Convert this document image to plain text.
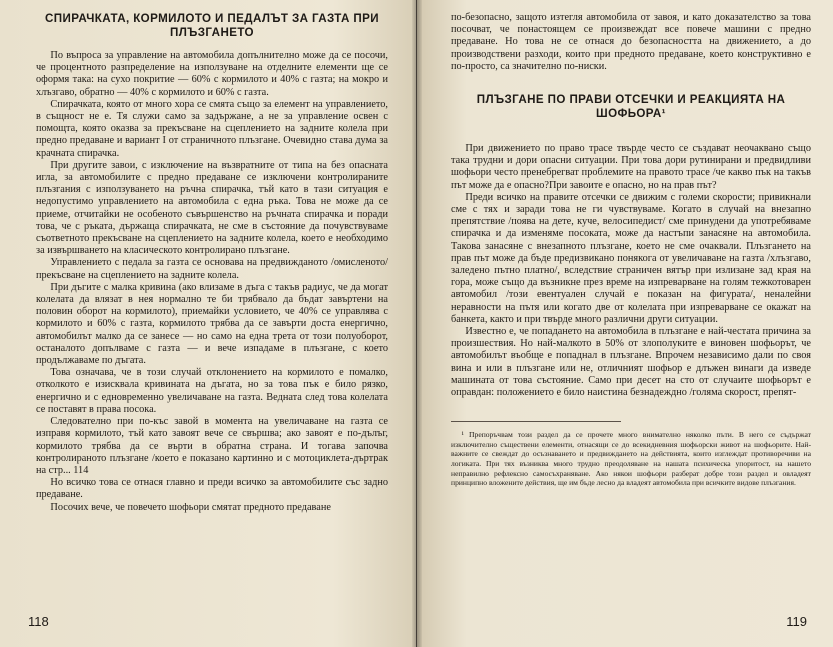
СПИРАЧКАТА, КОРМИЛОТО И ПЕДАЛЪТ ЗА ГАЗТА ПРИ ПЛЪЗГАНЕТО

По въпроса за управление на автомобила допълнително може да се посочи, че процентното разпределение на използуване на отделните елементи ще се оформя така: на сухо покритие — 60% с кормилото и 40% с газта; на мокро и хлъзгаво, обратно — 40% с кормилото и 60% с газта.

Спирачката, която от много хора се смята също за елемент на управлението, в същност не е. Тя служи само за задържане, а не за управление освен с помощта, която оказва за прекъсване на сцеплението на задните колела при предно предаване и вариант I от страничното плъзгане. Очевидно става дума за крачната спирачка.

При другите завои, с изключение на възвратните от типа на без опасната игла, за автомобилите с предно предаване се изключени контролираните плъзгания с използуването на ръчна спирачка, тъй като в тази ситуация е недопустимо управлението на автомобила с една ръка. Това не може да се приеме, отчитайки не особеното съвършенство на ръчната спирачка и поради това, че с ръката, държаща спирачката, не сме в състояние да почувствуваме съответното прекъсване на сцеплението на задните колела, което е необходимо за извършването на класическото контролирано плъзгане.

Управлението с педала за газта се основава на предвижданото /омисленото/ прекъсване на сцеплението на задните колела.

При дъгите с малка кривина (ако влизаме в дъга с такъв радиус, че да могат колелата да влязат в нея нормално те би трябвало да бъдат завъртени на половин оборот на кормилото), приемайки условието, че 40% се управлява с кормилото и 60% с газта, кормилото трябва да се завърти доста енергично, автомобилът малко да се занесе — но само на една трета от този полуоборот, останалото допълваме с газта — и вече изпадаме в плъзгане, с което продължаваме по дъгата.

Това означава, че в този случай отклонението на кормилото е помалко, отколкото е изисквала кривината на дъгата, но за това пък е било рязко, енергично и с едновременно увеличаване на газта. Ведната след това колелата се поставят в права посока.

Следователно при по-къс завой в момента на увеличаване на газта се изправя кормилото, тъй като завоят вече се свършва; ако завоят е по-дълъг, кормилото трябва да се върти в обратна страна. И тогава започва контролираното плъзгане /което е показано картинно и с мотоциклета-дъртрак на стр... 114

Но всичко това се отнася главно и преди всичко за автомобилите със задно предаване.

Посочих вече, че повечето шофьори смятат предното предаване

118

по-безопасно, защото изтегля автомобила от завоя, и като доказателство за това посочват, че понастоящем се произвеждат все повече машини с предно предаване. Но това не се отнася до безопасността на движението, а до производствени разходи, които при предното предаване, което конструктивно е по-просто, са значително по-ниски.

ПЛЪЗГАНЕ ПО ПРАВИ ОТСЕЧКИ И РЕАКЦИЯТА НА ШОФЬОРА¹

При движението по право трасе твърде често се създават неочаквано също така трудни и дори опасни ситуации. При това дори рутинирани и предвидливи шофьори често пренебрегват проблемите на правото трасе /че какво пък на такъв път може да е опасно?При завоите е опасно, но на прав път?

Преди всичко на правите отсечки се движим с големи скорости; привикнали сме с тях и заради това не ги чувствуваме. Когато в случай на внезапно препятствие /поява на дете, куче, велосипедист/ сме принудени да употребяваме спирачка и да изменяме посоката, може да настъпи занасяне на автомобила. Такова занасяне с внезапното плъзгане, което не сме очаквали. Плъзгането на прав път може да бъде предизвикано понякога от увеличаване на газта /хлъзгаво, заледено пътно платно/, вследствие страничен вятър при излизане зад края на гора, може също да възникне през време на изпреварване на голям тежкотоварен автомобил /този евентуален случай е показан на фигурата/, неналейни неравности на пътя или когато две от колелата при изпреварване се окажат на банкета, както и при твърде много различни други ситуации.

Известно е, че попадането на автомобила в плъзгане е най-честата причина за произшествия. Но най-малкото в 50% от злополуките е виновен шофьорът, че автомобилът въобще е попаднал в плъзгане. Впрочем независимо дали по своя вина и или в плъзгане или не, отличният шофьор е длъжен винаги да изведе машината от това състояние. Само при десет на сто от случаите шофьорът е оправдан: положението е било наистина безнадеждно /голяма скорост, препят-

¹ Препоръчвам този раздел да се прочете много внимателно няколко пъти. В него се съдържат изключително съществени елементи, отнасящи се до всекидневния шофьорски живот на шофьорите. Най-важните се свеждат до осъзнаването и предвиждането на действията, които изглеждат противоречиви на логиката. При тях възниква много трудно преодоляване на нашата психическа упоритост, на нашето неправилно рефлексно самосъхраняване. Ако някои шофьори разберат добре този раздел и овладеят принципно вложените действия, ще им бъде лесно да владеят автомобила при всичките видове плъзгания.

119
